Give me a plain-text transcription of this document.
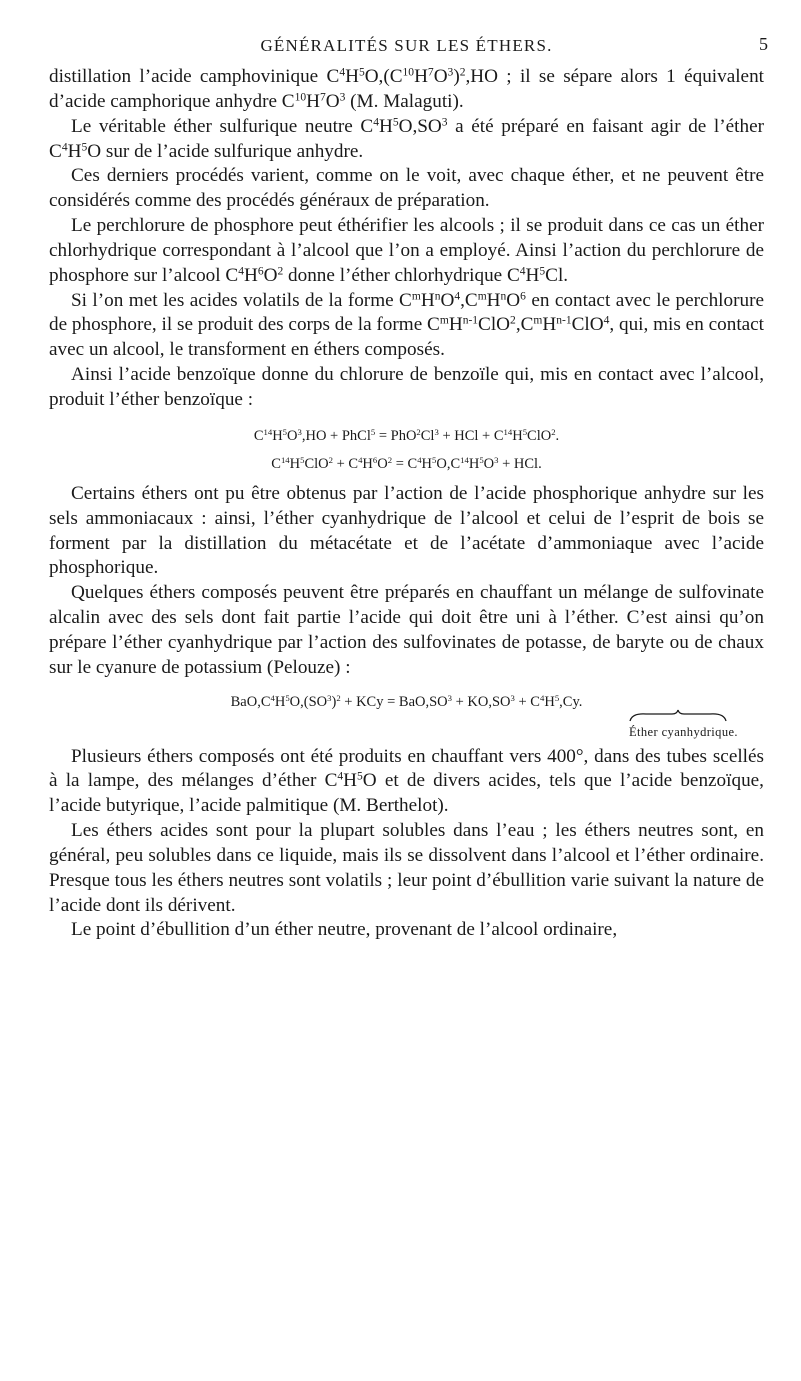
GÉNÉRALITÉS SUR LES ÉTHERS.	5

distillation l’acide camphovinique $C^4H^5O,(C^{10}H^7O^3)^2,HO$ ; il se sépare alors 1 équivalent d’acide camphorique anhydre $C^{10}H^7O^3$ (M. Malaguti).

Le véritable éther sulfurique neutre $C^4H^5O,SO^3$ a été préparé en faisant agir de l’éther $C^4H^5O$ sur de l’acide sulfurique anhydre.

Ces derniers procédés varient, comme on le voit, avec chaque éther, et ne peuvent être considérés comme des procédés généraux de préparation.

Le perchlorure de phosphore peut éthérifier les alcools ; il se produit dans ce cas un éther chlorhydrique correspondant à l’alcool que l’on a employé. Ainsi l’action du perchlorure de phosphore sur l’alcool $C^4H^6O^2$ donne l’éther chlorhydrique $C^4H^5Cl$.

Si l’on met les acides volatils de la forme $C^mH^nO^4,C^mH^nO^6$ en contact avec le perchlorure de phosphore, il se produit des corps de la forme $C^mH^{n-1}ClO^2,C^mH^{n-1}ClO^4$, qui, mis en contact avec un alcool, le transforment en éthers composés.

Ainsi l’acide benzoïque donne du chlorure de benzoïle qui, mis en contact avec l’alcool, produit l’éther benzoïque :

$C^{14}H^5O^3,HO$ + PhCl$^5$ = $PhO^2Cl^3$ + HCl + $C^{14}H^5ClO^2$.
$C^{14}H^5ClO^2 + C^4H^6O^2 = C^4H^5O,C^{14}H^5O^3$ + HCl.

Certains éthers ont pu être obtenus par l’action de l’acide phosphorique anhydre sur les sels ammoniacaux : ainsi, l’éther cyanhydrique de l’alcool et celui de l’esprit de bois se forment par la distillation du métacétate et de l’acétate d’ammoniaque avec l’acide phosphorique.

Quelques éthers composés peuvent être préparés en chauffant un mélange de sulfovinate alcalin avec des sels dont fait partie l’acide qui doit être uni à l’éther. C’est ainsi qu’on prépare l’éther cyanhydrique par l’action des sulfovinates de potasse, de baryte ou de chaux sur le cyanure de potassium (Pelouze) :

$BaO,C^4H^5O,(SO^3)^2$ + KCy = $BaO,SO^3 + KO,SO^3 + C^4H^5,Cy$.
Éther cyanhydrique.

Plusieurs éthers composés ont été produits en chauffant vers 400°, dans des tubes scellés à la lampe, des mélanges d’éther $C^4H^5O$ et de divers acides, tels que l’acide benzoïque, l’acide butyrique, l’acide palmitique (M. Berthelot).

Les éthers acides sont pour la plupart solubles dans l’eau ; les éthers neutres sont, en général, peu solubles dans ce liquide, mais ils se dissolvent dans l’alcool et l’éther ordinaire. Presque tous les éthers neutres sont volatils ; leur point d’ébullition varie suivant la nature de l’acide dont ils dérivent.

Le point d’ébullition d’un éther neutre, provenant de l’alcool ordinaire,
